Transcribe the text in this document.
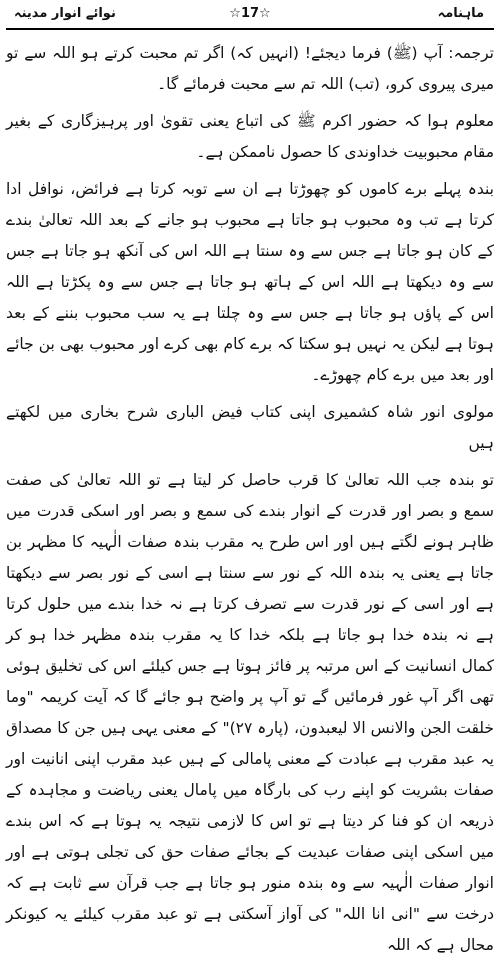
نوائے انوار مدینہ	☆17☆	ماہنامہ

ترجمہ: آپ (ﷺ) فرما دیجئے! (انہیں کہ) اگر تم محبت کرتے ہو اللہ سے تو میری پیروی کرو، (تب) اللہ تم سے محبت فرمائے گا۔

معلوم ہوا کہ حضور اکرم ﷺ کی اتباع یعنی تقویٰ اور پرہیزگاری کے بغیر مقام محبوبیت خداوندی کا حصول ناممکن ہے۔

بندہ پہلے برے کاموں کو چھوڑتا ہے ان سے توبہ کرتا ہے فرائض، نوافل ادا کرتا ہے تب وہ محبوب ہو جاتا ہے محبوب ہو جانے کے بعد اللہ تعالیٰ بندے کے کان ہو جاتا ہے جس سے وہ سنتا ہے اللہ اس کی آنکھ ہو جاتا ہے جس سے وہ دیکھتا ہے اللہ اس کے ہاتھ ہو جاتا ہے جس سے وہ پکڑتا ہے اللہ اس کے پاؤں ہو جاتا ہے جس سے وہ چلتا ہے یہ سب محبوب بننے کے بعد ہوتا ہے لیکن یہ نہیں ہو سکتا کہ برے کام بھی کرے اور محبوب بھی بن جائے اور بعد میں برے کام چھوڑے۔

مولوی انور شاہ کشمیری اپنی کتاب فیض الباری شرح بخاری میں لکھتے ہیں

تو بندہ جب اللہ تعالیٰ کا قرب حاصل کر لیتا ہے تو اللہ تعالیٰ کی صفت سمع و بصر اور قدرت کے انوار بندے کی سمع و بصر اور اسکی قدرت میں ظاہر ہونے لگتے ہیں اور اس طرح یہ مقرب بندہ صفات الٰہیہ کا مظہر بن جاتا ہے یعنی یہ بندہ اللہ کے نور سے سنتا ہے اسی کے نور بصر سے دیکھتا ہے اور اسی کے نور قدرت سے تصرف کرتا ہے نہ خدا بندے میں حلول کرتا ہے نہ بندہ خدا ہو جاتا ہے بلکہ خدا کا یہ مقرب بندہ مظہر خدا ہو کر کمال انسانیت کے اس مرتبہ پر فائز ہوتا ہے جس کیلئے اس کی تخلیق ہوئی تھی اگر آپ غور فرمائیں گے تو آپ پر واضح ہو جائے گا کہ آیت کریمہ "وما خلقت الجن والانس الا لیعبدون، (پارہ ۲۷)" کے معنی یہی ہیں جن کا مصداق یہ عبد مقرب ہے عبادت کے معنی پامالی کے ہیں عبد مقرب اپنی انانیت اور صفات بشریت کو اپنے رب کی بارگاہ میں پامال یعنی ریاضت و مجاہدہ کے ذریعہ ان کو فنا کر دیتا ہے تو اس کا لازمی نتیجہ یہ ہوتا ہے کہ اس بندے میں اسکی اپنی صفات عبدیت کے بجائے صفات حق کی تجلی ہوتی ہے اور انوار صفات الٰہیہ سے وہ بندہ منور ہو جاتا ہے جب قرآن سے ثابت ہے کہ درخت سے "انی انا اللہ" کی آواز آسکتی ہے تو عبد مقرب کیلئے یہ کیونکر محال ہے کہ اللہ
